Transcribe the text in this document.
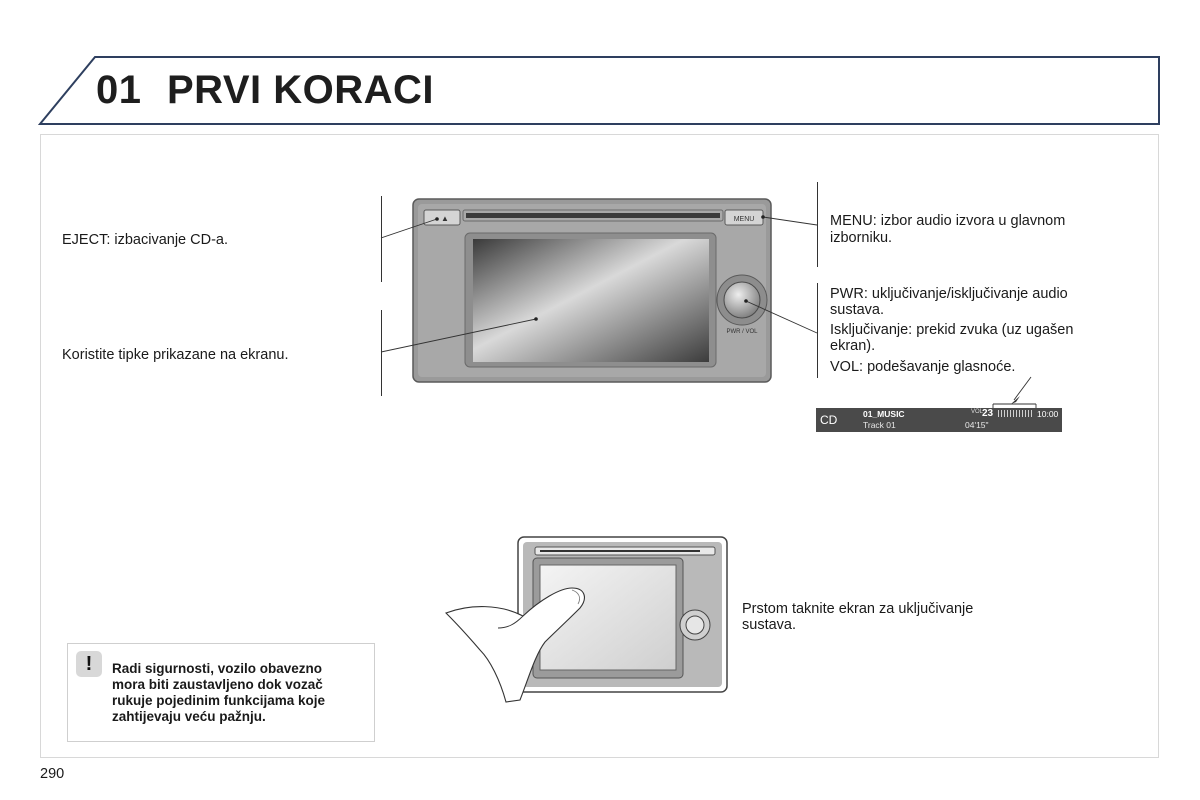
01 PRVI KORACI
▲	MENU
PWR / VOL
EJECT: izbacivanje CD-a.
Koristite tipke prikazane na ekranu.
MENU: izbor audio izvora u glavnom
izborniku.
PWR: uključivanje/isključivanje audio
sustava.
Isključivanje: prekid zvuka (uz ugašen
ekran).
VOL: podešavanje glasnoće.
CD	01_MUSIC
Track 01
VOL
23	10:00
04'15"
Prstom taknite ekran za uključivanje
sustava.
!	Radi sigurnosti, vozilo obavezno
mora biti zaustavljeno dok vozač
rukuje pojedinim funkcijama koje
zahtijevaju veću pažnju.
290
